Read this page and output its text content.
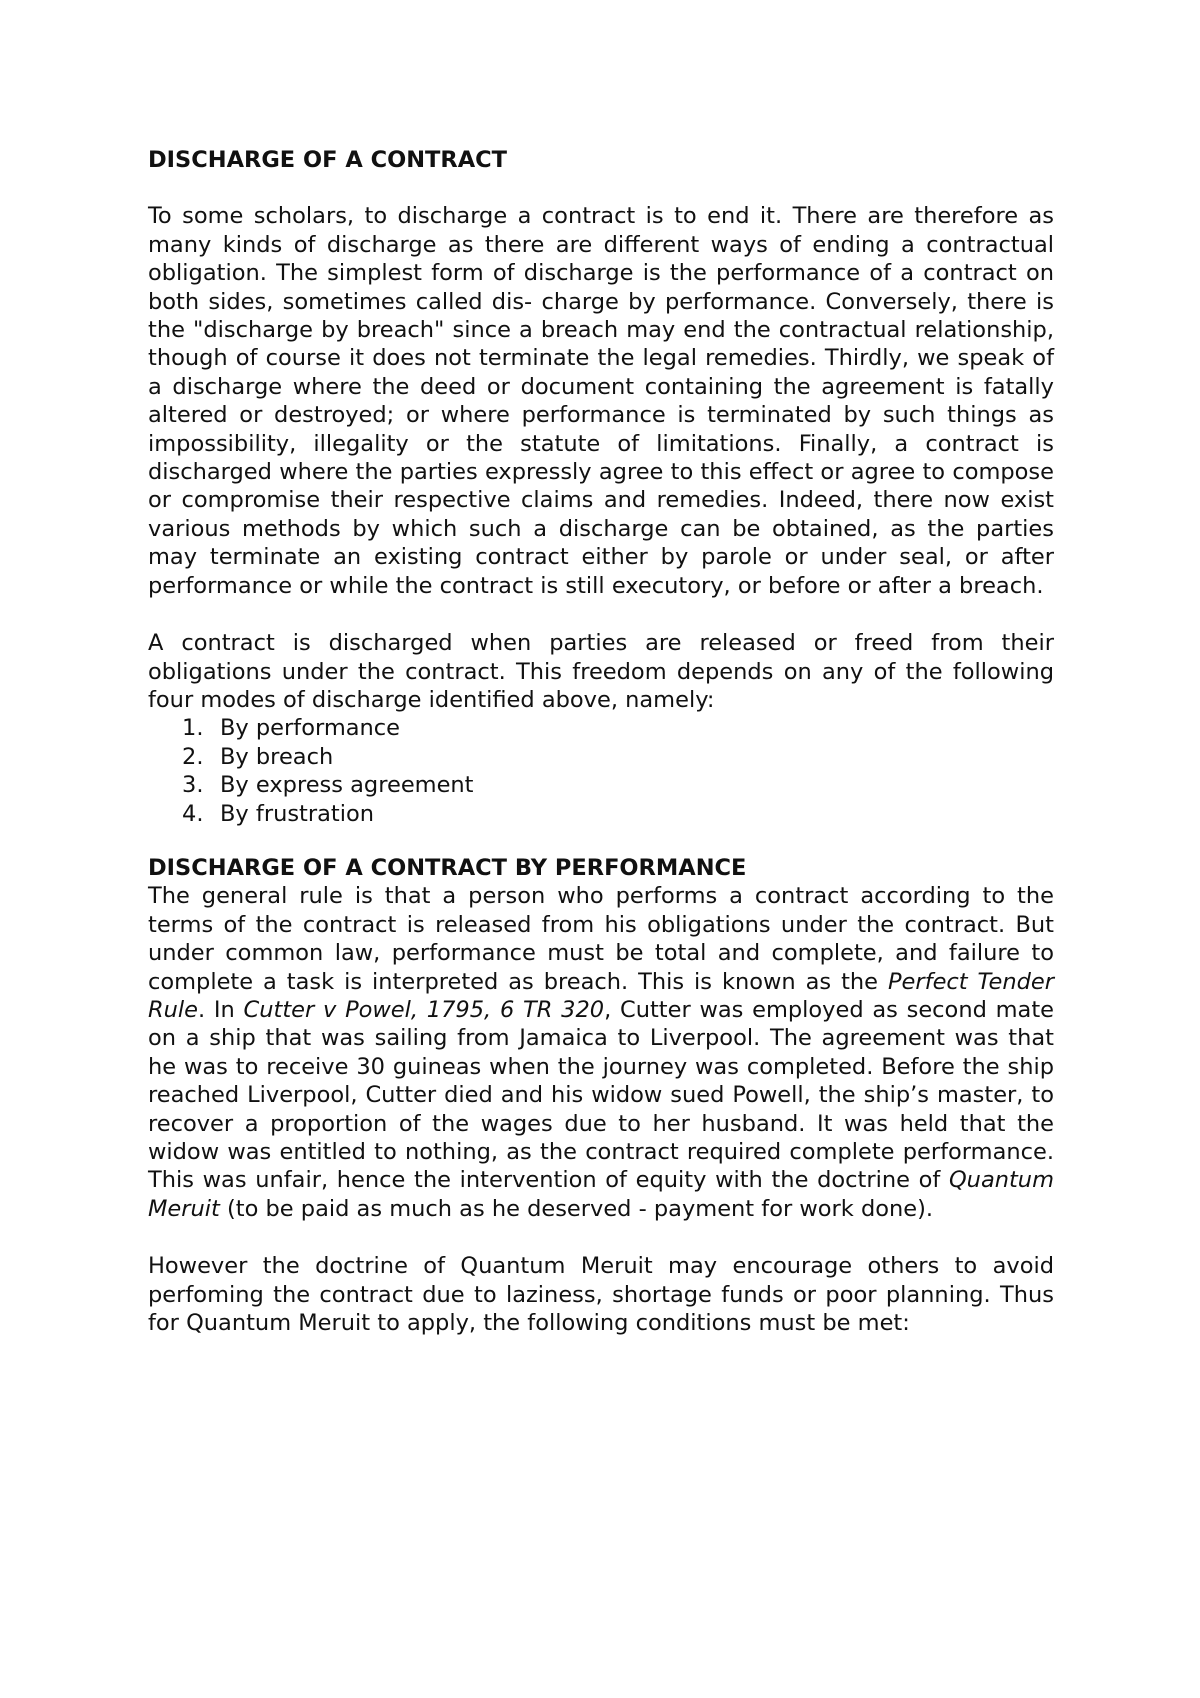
DISCHARGE OF A CONTRACT

To some scholars, to discharge a contract is to end it. There are therefore as many kinds of discharge as there are different ways of ending a contractual obligation. The simplest form of discharge is the performance of a contract on both sides, sometimes called dis- charge by performance. Conversely, there is the "discharge by breach" since a breach may end the contractual relationship, though of course it does not terminate the legal remedies. Thirdly, we speak of a discharge where the deed or document containing the agreement is fatally altered or destroyed; or where performance is terminated by such things as impossibility, illegality or the statute of limitations. Finally, a contract is discharged where the parties expressly agree to this effect or agree to compose or compromise their respective claims and remedies. Indeed, there now exist various methods by which such a discharge can be obtained, as the parties may terminate an existing contract either by parole or under seal, or after performance or while the contract is still executory, or before or after a breach.

A contract is discharged when parties are released or freed from their obligations under the contract. This freedom depends on any of the following four modes of discharge identified above, namely:

1. By performance
2. By breach
3. By express agreement
4. By frustration
DISCHARGE OF A CONTRACT BY PERFORMANCE

The general rule is that a person who performs a contract according to the terms of the contract is released from his obligations under the contract. But under common law, performance must be total and complete, and failure to complete a task is interpreted as breach. This is known as the Perfect Tender Rule. In Cutter v Powel, 1795, 6 TR 320, Cutter was employed as second mate on a ship that was sailing from Jamaica to Liverpool. The agreement was that he was to receive 30 guineas when the journey was completed. Before the ship reached Liverpool, Cutter died and his widow sued Powell, the ship’s master, to recover a proportion of the wages due to her husband. It was held that the widow was entitled to nothing, as the contract required complete performance. This was unfair, hence the intervention of equity with the doctrine of Quantum Meruit (to be paid as much as he deserved - payment for work done).

However the doctrine of Quantum Meruit may encourage others to avoid perfoming the contract due to laziness, shortage funds or poor planning. Thus for Quantum Meruit to apply, the following conditions must be met:
